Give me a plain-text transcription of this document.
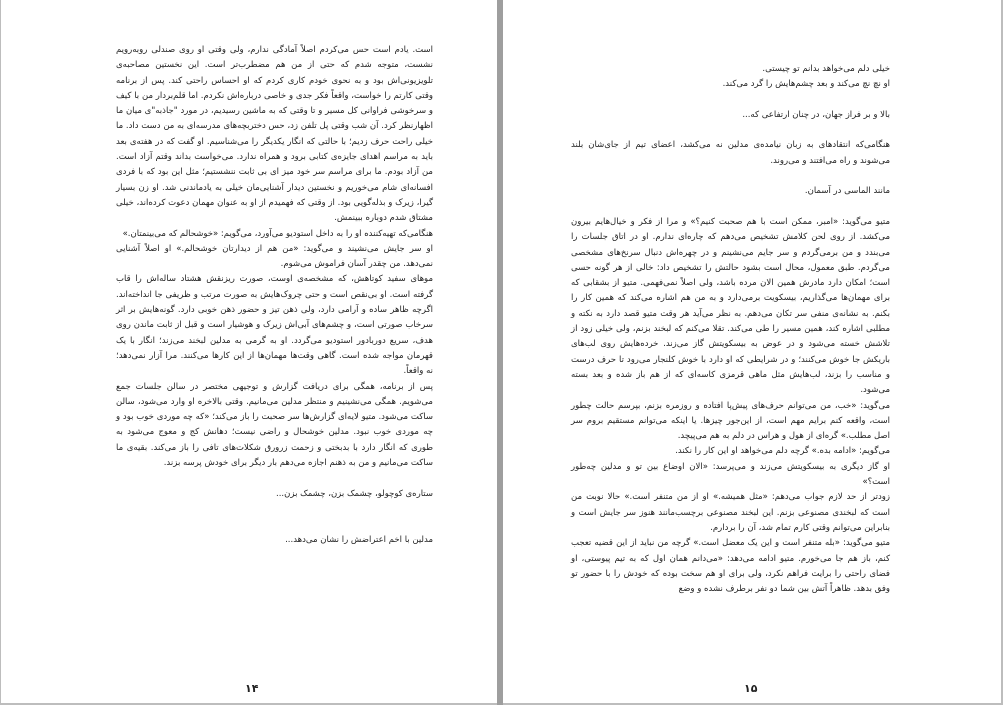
است. یادم است حس می‌کردم اصلاً آمادگی ندارم، ولی وقتی او روی صندلی روبه‌رویم نشست، متوجه شدم که حتی از من هم مضطرب‌تر است. این نخستین مصاحبه‌ی تلویزیونی‌اش بود و به نحوی خودم کاری کردم که او احساس راحتی کند. پس از برنامه وقتی کارتم را خواست، واقعاً فکر جدی و خاصی درباره‌اش نکردم. اما قلم‌بردار من با کیف و سرخوشی فراوانی کل مسیر و تا وقتی که به ماشین رسیدیم، در مورد "جاذبه"ی میان ما اظهارنظر کرد. آن شب وقتی پل تلفن زد، حس دختربچه‌های مدرسه‌ای به من دست داد. ما خیلی راحت حرف زدیم؛ با حالتی که انگار یکدیگر را می‌شناسیم. او گفت که در هفته‌ی بعد باید به مراسم اهدای جایزه‌ی کتابی برود و همراه ندارد. می‌خواست بداند وقتم آزاد است. من آزاد بودم. ما برای مراسم سر خود میز ای بی ثابت ننشستیم؛ مثل این بود که با فردی افسانه‌ای شام می‌خوریم و نخستین دیدار آشنایی‌مان خیلی به یادماندنی شد. او زن بسیار گیرا، زیرک و بذله‌گویی بود. از وقتی که فهمیدم از او به عنوان مهمان دعوت کرده‌اند، خیلی مشتاق شدم دوباره ببینمش.

هنگامی‌که تهیه‌کننده او را به داخل استودیو می‌آورد، می‌گویم: «خوشحالم که می‌بینمتان.»

او سر جایش می‌نشیند و می‌گوید: «من هم از دیدارتان خوشحالم.» او اصلاً آشنایی نمی‌دهد. من چقدر آسان فراموش می‌شوم.

موهای سفید کوتاهش، که مشخصه‌ی اوست، صورت ریزنقش هشتاد ساله‌اش را قاب گرفته است. او بی‌نقص است و حتی چروک‌هایش به صورت مرتب و ظریفی جا انداخته‌اند. اگرچه ظاهر ساده و آرامی دارد، ولی ذهن تیز و حضور ذهن خوبی دارد. گونه‌هایش بر اثر سرخاب صورتی است، و چشم‌های آبی‌اش زیرک و هوشیار است و قبل از ثابت ماندن روی هدف، سریع دوربادور استودیو می‌گردد. او به گرمی به مدلین لبخند می‌زند؛ انگار با یک قهرمان مواجه شده است. گاهی وقت‌ها مهمان‌ها از این کارها می‌کنند. مرا آزار نمی‌دهد؛ نه واقعاً.

پس از برنامه، همگی برای دریافت گزارش و توجیهی مختصر در سالن جلسات جمع می‌شویم. همگی می‌نشینیم و منتظر مدلین می‌مانیم. وقتی بالاخره او وارد می‌شود، سالن ساکت می‌شود. متیو لایه‌ای گزارش‌ها سر صحبت را باز می‌کند؛ «که چه موردی خوب بود و چه موردی خوب نبود. مدلین خوشحال و راضی نیست؛ دهانش کج و معوج می‌شود به طوری که انگار دارد با بدبختی و زحمت زرورق شکلات‌های تافی را باز می‌کند. بقیه‌ی ما ساکت می‌مانیم و من به ذهنم اجازه می‌دهم بار دیگر برای خودش پرسه بزند.

ستاره‌ی کوچولو، چشمک بزن، چشمک بزن...

مدلین با اخم اعتراضش را نشان می‌دهد...

۱۴

خیلی دلم می‌خواهد بدانم تو چیستی.

او نچ نچ می‌کند و بعد چشم‌هایش را گرد می‌کند.

بالا و بر فراز جهان، در چنان ارتفاعی که...

هنگامی‌که انتقادهای به زبان نیامده‌ی مدلین نه می‌کشد، اعضای تیم از جای‌شان بلند می‌شوند و راه می‌افتند و می‌روند.

مانند الماسی در آسمان.

متیو می‌گوید: «امبر، ممکن است با هم صحبت کنیم؟» و مرا از فکر و خیال‌هایم بیرون می‌کشد. از روی لحن کلامش تشخیص می‌دهم که چاره‌ای ندارم. او در اتاق جلسات را می‌بندد و من برمی‌گردم و سر جایم می‌نشینم و در چهره‌اش دنبال سرنخ‌های مشخصی می‌گردم. طبق معمول، محال است بشود حالتش را تشخیص داد: خالی از هر گونه حسی است؛ امکان دارد مادرش همین الان مرده باشد، ولی اصلاً نمی‌فهمی. متیو از بشقابی که برای مهمان‌ها می‌گذاریم، بیسکویت برمی‌دارد و به من هم اشاره می‌کند که همین کار را بکنم. به نشانه‌ی منفی سر تکان می‌دهم. به نظر می‌آید هر وقت متیو قصد دارد به نکته و مطلبی اشاره کند، همین مسیر را طی می‌کند. تقلا می‌کنم که لبخند بزنم، ولی خیلی زود از تلاشش خسته می‌شود و در عوض به بیسکویتش گاز می‌زند. خرده‌هایش روی لب‌های باریکش جا خوش می‌کنند؛ و در شرایطی که او دارد با خوش کلنجار می‌رود تا حرف درست و مناسب را بزند، لب‌هایش مثل ماهی قرمزی کاسه‌ای که از هم باز شده و بعد بسته می‌شود.

می‌گوید: «خب، من می‌توانم حرف‌های پیش‌پا افتاده و روزمره بزنم، بپرسم حالت چطور است، واقعه کنم برایم مهم است، از این‌جور چیزها. یا اینکه می‌توانم مستقیم بروم سر اصل مطلب.» گره‌ای از هول و هراس در دلم به هم می‌پیچد.

می‌گویم: «ادامه بده.» گرچه دلم می‌خواهد او این کار را نکند.

او گاز دیگری به بیسکویتش می‌زند و می‌پرسد: «الان اوضاع بین تو و مدلین چه‌طور است؟»

زودتر از حد لازم جواب می‌دهم: «مثل همیشه.» او از من متنفر است.» حالا نوبت من است که لبخندی مصنوعی بزنم. این لبخند مصنوعی برچسب‌مانند هنوز سر جایش است و بنابراین می‌توانم وقتی کارم تمام شد، آن را بردارم.

متیو می‌گوید: «بله متنفر است و این یک معضل است.» گرچه من نباید از این قضیه تعجب کنم، باز هم جا می‌خورم. متیو ادامه می‌دهد: «می‌دانم همان اول که به تیم پیوستی، او فضای راحتی را برایت فراهم نکرد، ولی برای او هم سخت بوده که خودش را با حضور تو وفق بدهد. ظاهراً آتش بین شما دو نفر برطرف نشده و وضع

۱۵
